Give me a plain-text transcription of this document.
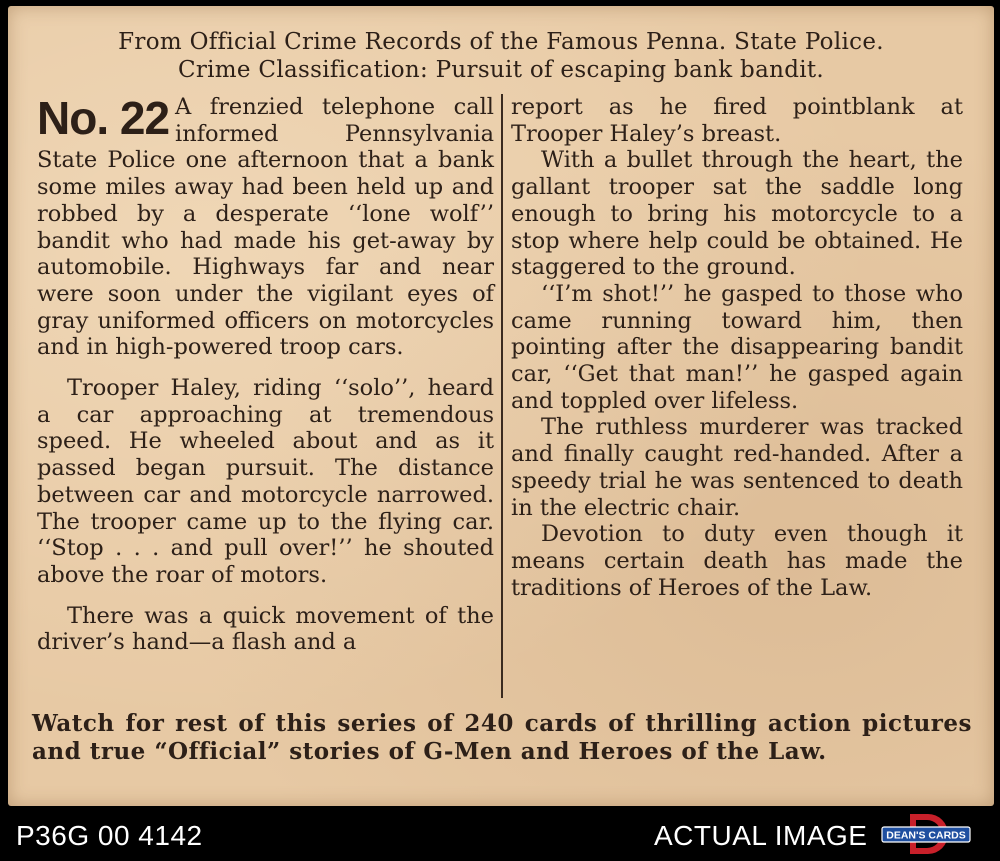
From Official Crime Records of the Famous Penna. State Police.
Crime Classification: Pursuit of escaping bank bandit.

No. 22 A frenzied telephone call informed Pennsylvania State Police one afternoon that a bank some miles away had been held up and robbed by a desperate ‘‘lone wolf’’ bandit who had made his get-away by automobile. Highways far and near were soon under the vigilant eyes of gray uniformed officers on motorcycles and in high-powered troop cars.

Trooper Haley, riding ‘‘solo’’, heard a car approaching at tremendous speed. He wheeled about and as it passed began pursuit. The distance between car and motorcycle narrowed. The trooper came up to the flying car. ‘‘Stop . . . and pull over!’’ he shouted above the roar of motors.

There was a quick movement of the driver’s hand—a flash and a

report as he fired pointblank at Trooper Haley’s breast.

With a bullet through the heart, the gallant trooper sat the saddle long enough to bring his motorcycle to a stop where help could be obtained. He staggered to the ground.

‘‘I’m shot!’’ he gasped to those who came running toward him, then pointing after the disappearing bandit car, ‘‘Get that man!’’ he gasped again and toppled over lifeless.

The ruthless murderer was tracked and finally caught red-handed. After a speedy trial he was sentenced to death in the electric chair.

Devotion to duty even though it means certain death has made the traditions of Heroes of the Law.

Watch for rest of this series of 240 cards of thrilling action pictures and true “Official” stories of G-Men and Heroes of the Law.
P36G 00 4142	ACTUAL IMAGE DEAN'S CARDS
